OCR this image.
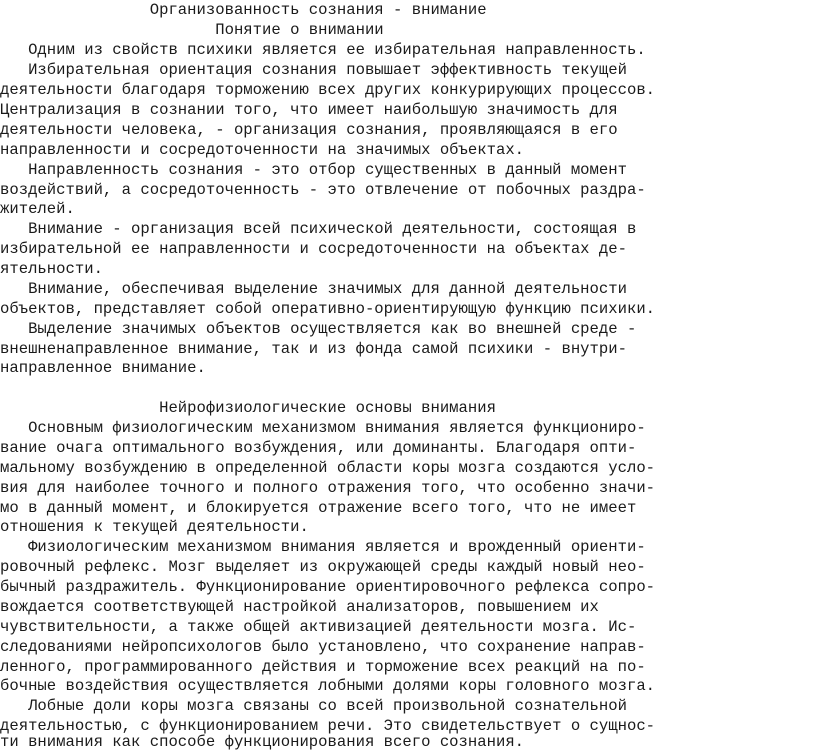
Организованность сознания - внимание
Понятие о внимании
Одним из свойств психики является ее избирательная направленность.
Избирательная ориентация сознания повышает эффективность текущей
деятельности благодаря торможению всех других конкурирующих процессов.
Централизация в сознании того, что имеет наибольшую значимость для
деятельности человека, - организация сознания, проявляющаяся в его
направленности и сосредоточенности на значимых объектах.
Направленность сознания - это отбор существенных в данный момент
воздействий, а сосредоточенность - это отвлечение от побочных раздра-
жителей.
Внимание - организация всей психической деятельности, состоящая в
избирательной ее направленности и сосредоточенности на объектах де-
ятельности.
Внимание, обеспечивая выделение значимых для данной деятельности
объектов, представляет собой оперативно-ориентирующую функцию психики.
Выделение значимых объектов осуществляется как во внешней среде -
внешненаправленное внимание, так и из фонда самой психики - внутри-
направленное внимание.
Нейрофизиологические основы внимания
Основным физиологическим механизмом внимания является функциониро-
вание очага оптимального возбуждения, или доминанты. Благодаря опти-
мальному возбуждению в определенной области коры мозга создаются усло-
вия для наиболее точного и полного отражения того, что особенно значи-
мо в данный момент, и блокируется отражение всего того, что не имеет
отношения к текущей деятельности.
Физиологическим механизмом внимания является и врожденный ориенти-
ровочный рефлекс. Мозг выделяет из окружающей среды каждый новый нео-
бычный раздражитель. Функционирование ориентировочного рефлекса сопро-
вождается соответствующей настройкой анализаторов, повышением их
чувствительности, а также общей активизацией деятельности мозга. Ис-
следованиями нейропсихологов было установлено, что сохранение направ-
ленного, программированного действия и торможение всех реакций на по-
бочные воздействия осуществляется лобными долями коры головного мозга.
Лобные доли коры мозга связаны со всей произвольной сознательной
деятельностью, с функционированием речи. Это свидетельствует о сущнос-
ти внимания как способе функционирования всего сознания.
